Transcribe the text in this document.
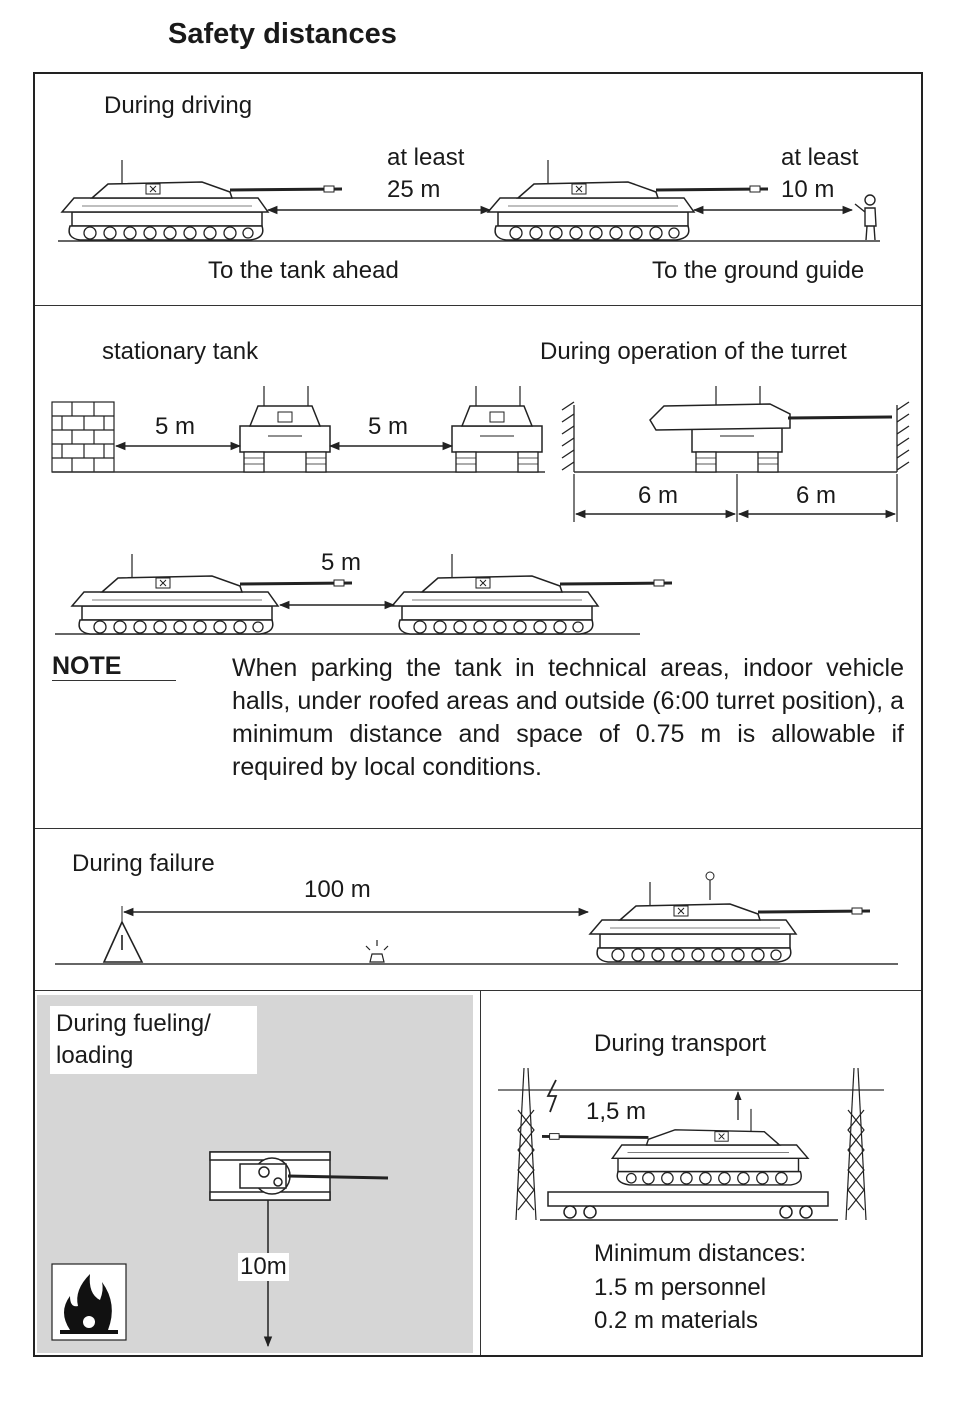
Safety distances
During driving
at least
25 m
at least
10 m
To the tank ahead	To the ground guide
stationary tank	During operation of the turret
5 m	5 m
6 m	6 m
5 m
NOTE	When parking the tank in technical areas, indoor vehicle halls, under roofed areas and outside (6:00 turret position), a minimum distance and space of 0.75 m is allowable if required by local conditions.
During failure
100 m
During fueling/
loading
10m
During transport
1,5 m
Minimum distances:
1.5 m personnel
0.2 m materials
